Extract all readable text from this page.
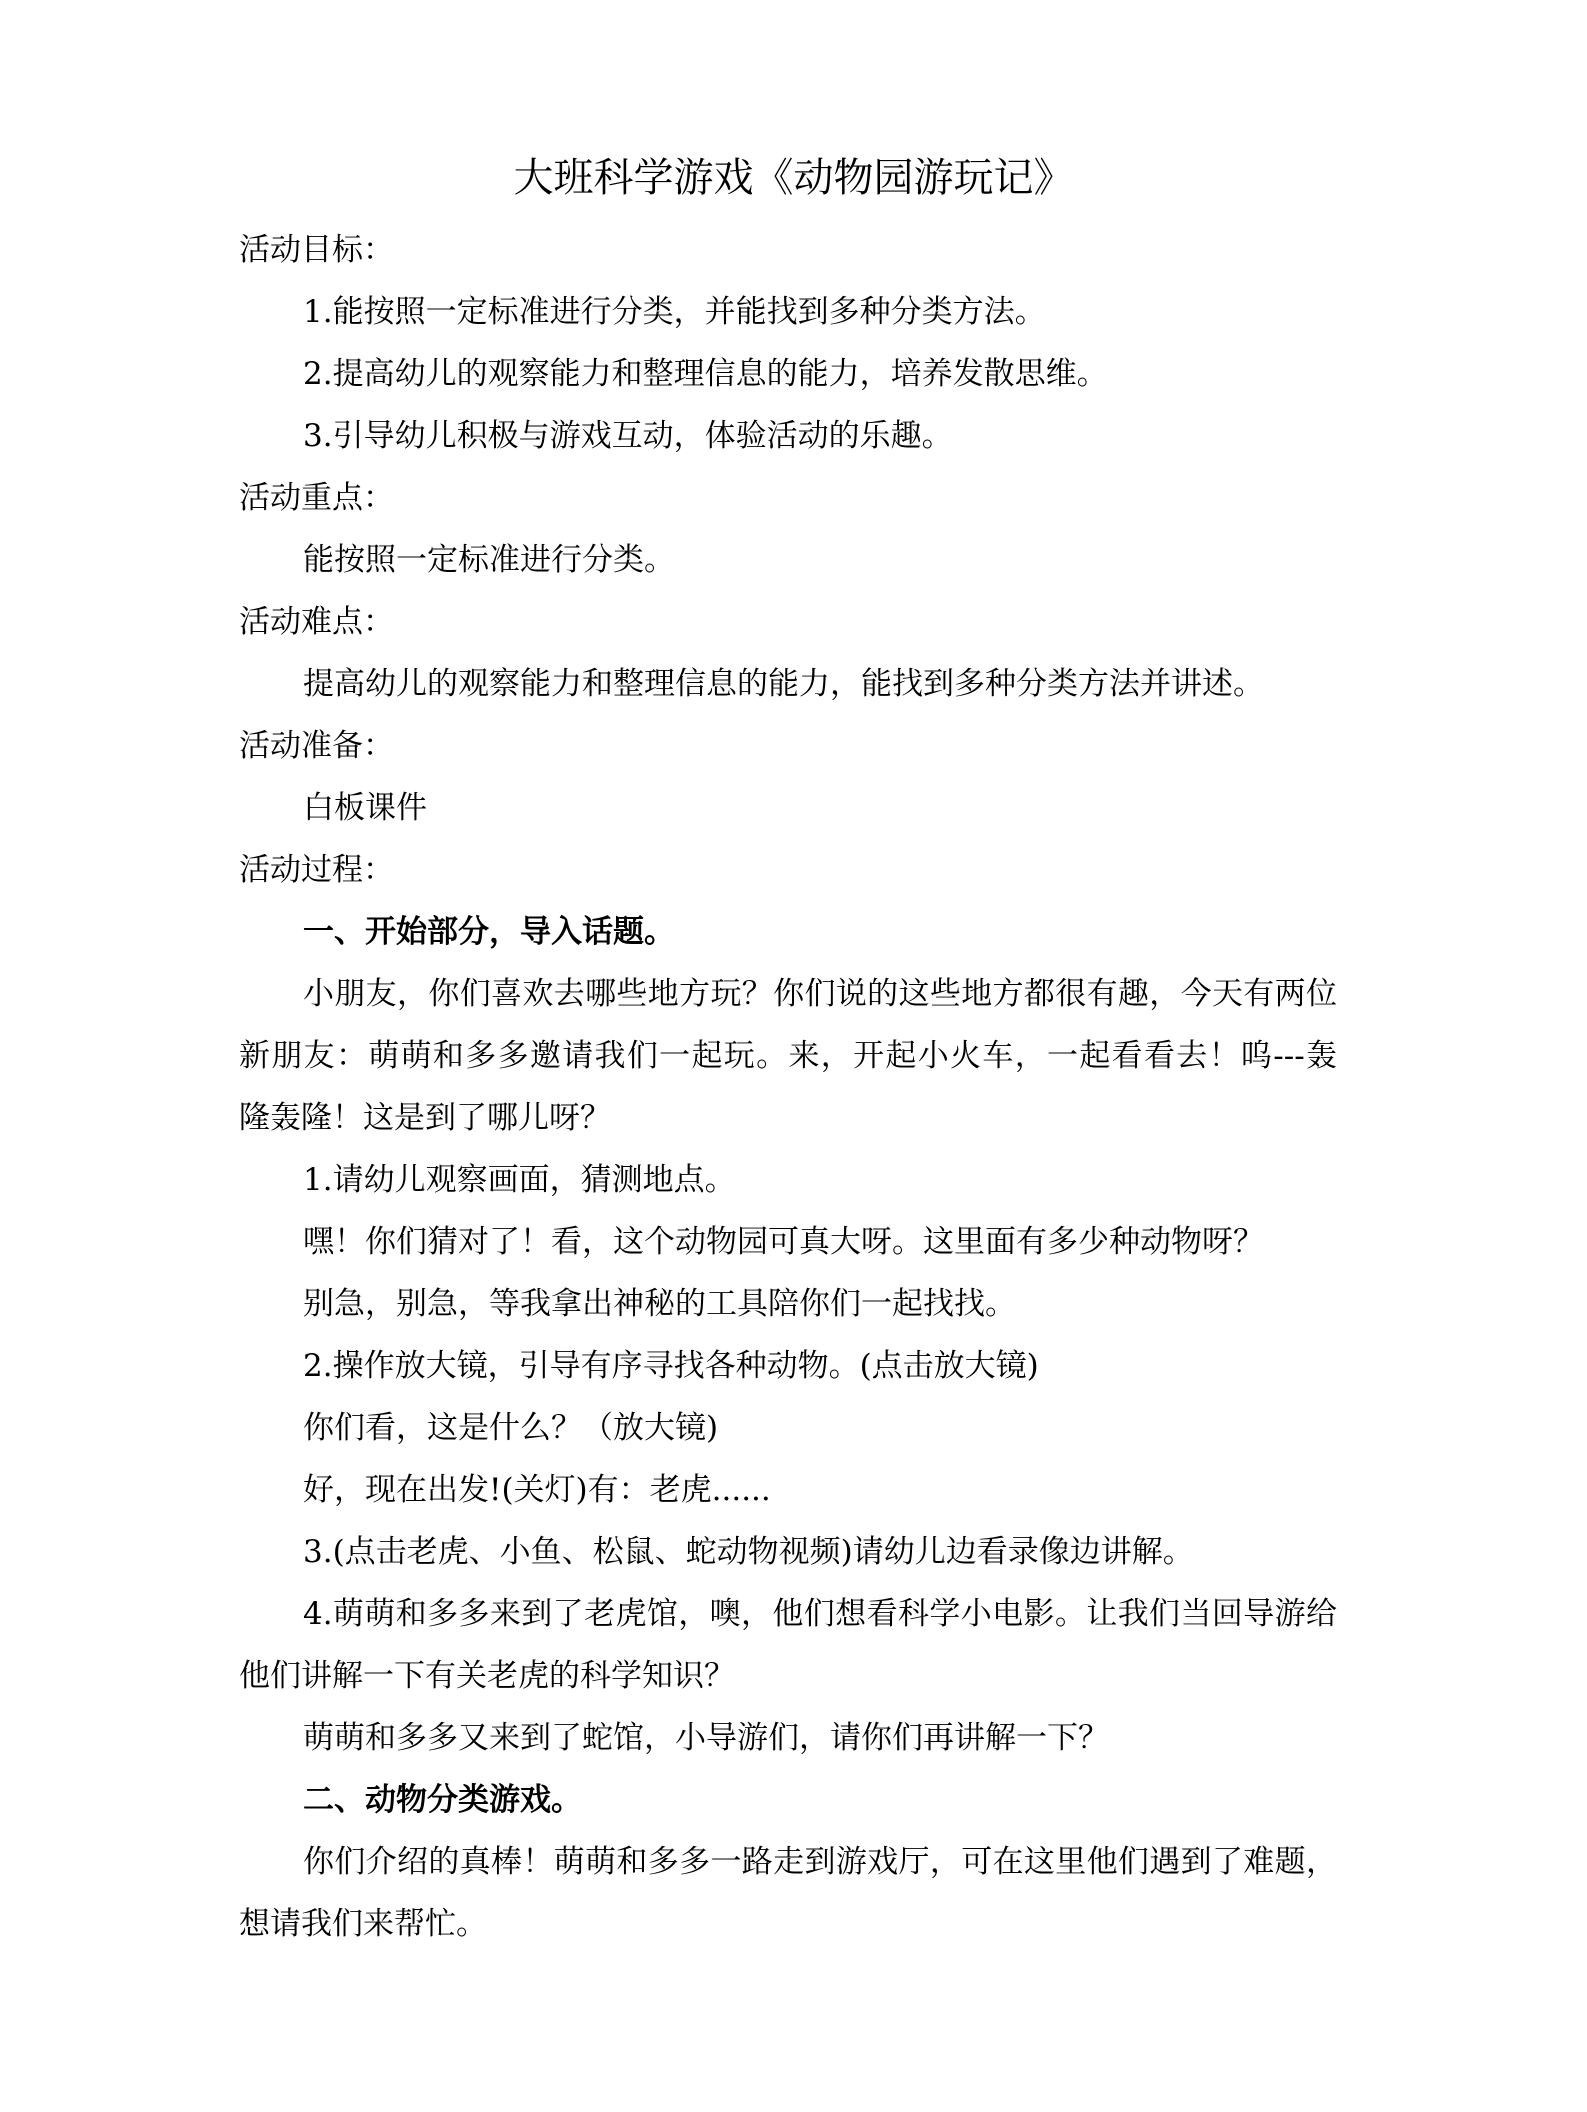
大班科学游戏《动物园游玩记》
活动目标：
1.能按照一定标准进行分类，并能找到多种分类方法。
2.提高幼儿的观察能力和整理信息的能力，培养发散思维。
3.引导幼儿积极与游戏互动，体验活动的乐趣。
活动重点：
能按照一定标准进行分类。
活动难点：
提高幼儿的观察能力和整理信息的能力，能找到多种分类方法并讲述。
活动准备：
白板课件
活动过程：
一、开始部分，导入话题。
小朋友，你们喜欢去哪些地方玩？你们说的这些地方都很有趣，今天有两位
新朋友：萌萌和多多邀请我们一起玩。来，开起小火车，一起看看去！呜---轰
隆轰隆！这是到了哪儿呀？
1.请幼儿观察画面，猜测地点。
嘿！你们猜对了！看，这个动物园可真大呀。这里面有多少种动物呀？
别急，别急，等我拿出神秘的工具陪你们一起找找。
2.操作放大镜，引导有序寻找各种动物。(点击放大镜)
你们看，这是什么？（放大镜)
好，现在出发!(关灯)有：老虎......
3.(点击老虎、小鱼、松鼠、蛇动物视频)请幼儿边看录像边讲解。
4.萌萌和多多来到了老虎馆，噢，他们想看科学小电影。让我们当回导游给
他们讲解一下有关老虎的科学知识？
萌萌和多多又来到了蛇馆，小导游们，请你们再讲解一下？
二、动物分类游戏。
你们介绍的真棒！萌萌和多多一路走到游戏厅，可在这里他们遇到了难题，
想请我们来帮忙。
